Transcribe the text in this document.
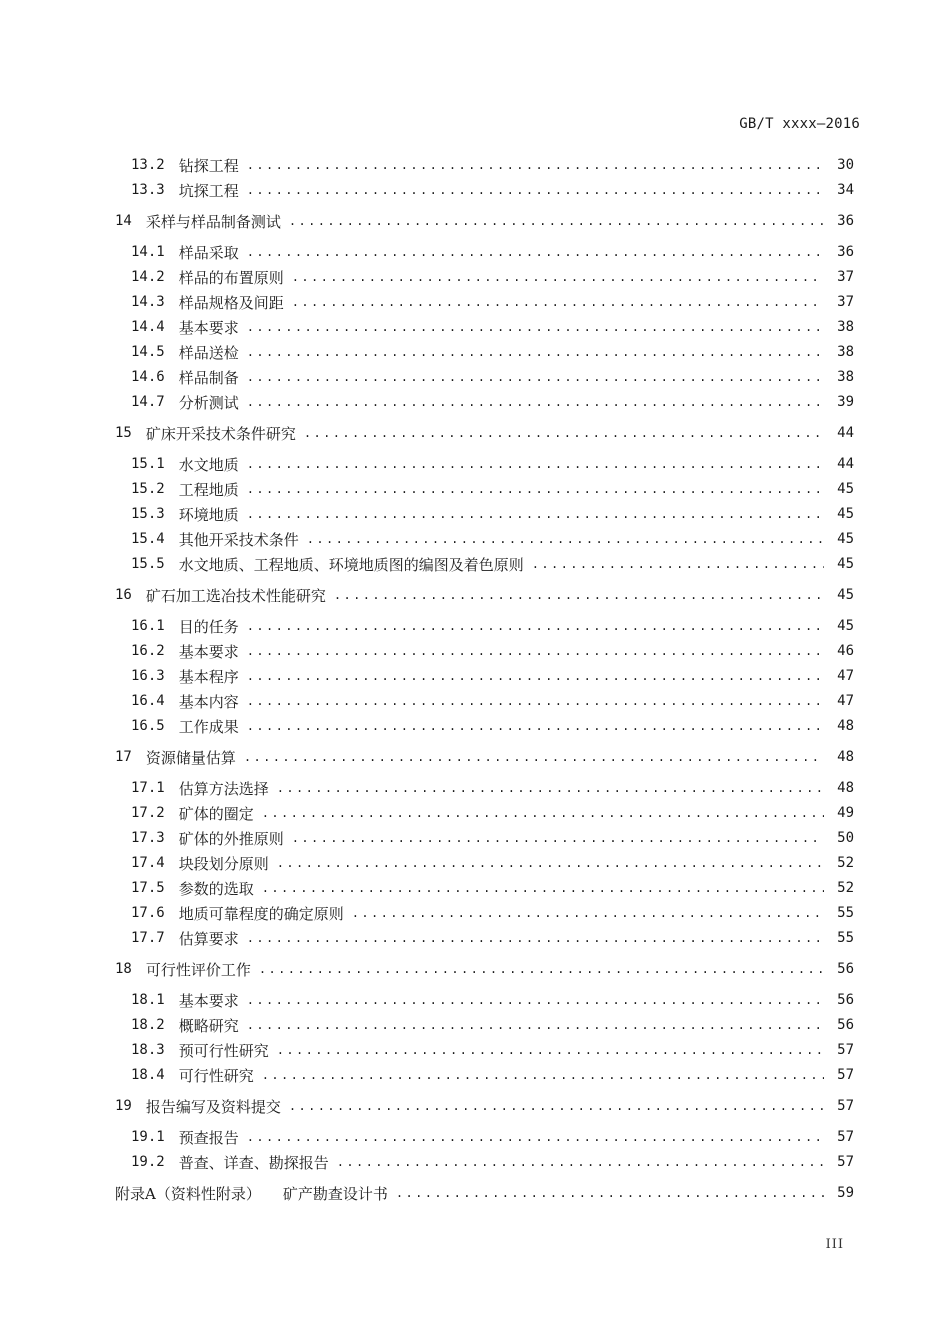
GB/T xxxx—2016
13.2 钻探工程 .....	30
13.3 坑探工程 .....	34
14 采样与样品制备测试 .....	36
14.1 样品采取 .....	36
14.2 样品的布置原则 .....	37
14.3 样品规格及间距 .....	37
14.4 基本要求 .....	38
14.5 样品送检 .....	38
14.6 样品制备 .....	38
14.7 分析测试 .....	39
15 矿床开采技术条件研究 .....	44
15.1 水文地质 .....	44
15.2 工程地质 .....	45
15.3 环境地质 .....	45
15.4 其他开采技术条件 .....	45
15.5 水文地质、工程地质、环境地质图的编图及着色原则 .....	45
16 矿石加工选冶技术性能研究 .....	45
16.1 目的任务 .....	45
16.2 基本要求 .....	46
16.3 基本程序 .....	47
16.4 基本内容 .....	47
16.5 工作成果 .....	48
17 资源储量估算 .....	48
17.1 估算方法选择 .....	48
17.2 矿体的圈定 .....	49
17.3 矿体的外推原则 .....	50
17.4 块段划分原则 .....	52
17.5 参数的选取 .....	52
17.6 地质可靠程度的确定原则 .....	55
17.7 估算要求 .....	55
18 可行性评价工作 .....	56
18.1 基本要求 .....	56
18.2 概略研究 .....	56
18.3 预可行性研究 .....	57
18.4 可行性研究 .....	57
19 报告编写及资料提交 .....	57
19.1 预查报告 .....	57
19.2 普查、详查、勘探报告 .....	57
附录A（资料性附录） 矿产勘查设计书 .....	59
III
